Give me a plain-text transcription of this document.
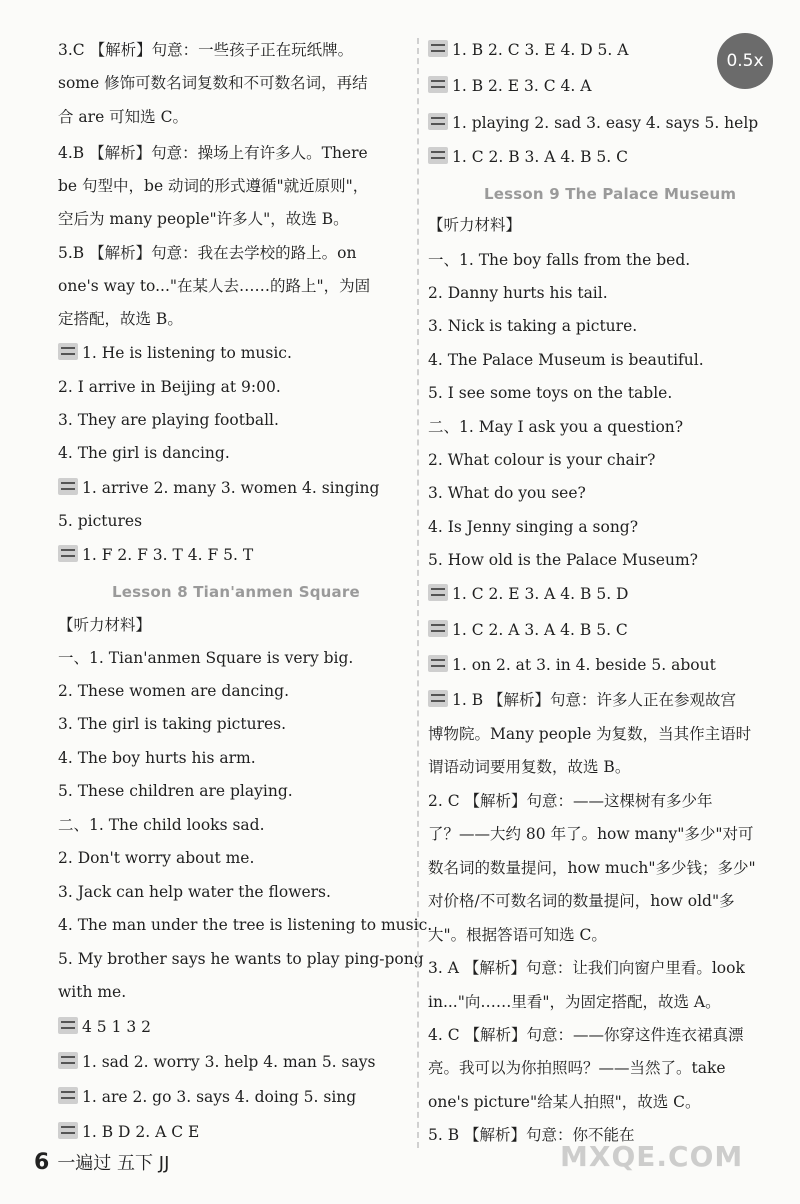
3.C 【解析】句意：一些孩子正在玩纸牌。
some 修饰可数名词复数和不可数名词，再结
合 are 可知选 C。
4.B 【解析】句意：操场上有许多人。There
be 句型中，be 动词的形式遵循"就近原则"，
空后为 many people"许多人"，故选 B。
5.B 【解析】句意：我在去学校的路上。on
one's way to..."在某人去……的路上"，为固
定搭配，故选 B。
1. He is listening to music.
2. I arrive in Beijing at 9:00.
3. They are playing football.
4. The girl is dancing.
1. arrive 2. many 3. women 4. singing
5. pictures
1. F 2. F 3. T 4. F 5. T
【听力材料】
一、1. Tian'anmen Square is very big.
2. These women are dancing.
3. The girl is taking pictures.
4. The boy hurts his arm.
5. These children are playing.
二、1. The child looks sad.
2. Don't worry about me.
3. Jack can help water the flowers.
4. The man under the tree is listening to music.
5. My brother says he wants to play ping-pong
with me.
4 5 1 3 2
1. sad 2. worry 3. help 4. man 5. says
1. are 2. go 3. says 4. doing 5. sing
1. B D 2. A C E
1. B 2. C 3. E 4. D 5. A
1. B 2. E 3. C 4. A
1. playing 2. sad 3. easy 4. says 5. help
1. C 2. B 3. A 4. B 5. C
【听力材料】
一、1. The boy falls from the bed.
2. Danny hurts his tail.
3. Nick is taking a picture.
4. The Palace Museum is beautiful.
5. I see some toys on the table.
二、1. May I ask you a question?
2. What colour is your chair?
3. What do you see?
4. Is Jenny singing a song?
5. How old is the Palace Museum?
1. C 2. E 3. A 4. B 5. D
1. C 2. A 3. A 4. B 5. C
1. on 2. at 3. in 4. beside 5. about
1. B 【解析】句意：许多人正在参观故宫
博物院。Many people 为复数，当其作主语时
谓语动词要用复数，故选 B。
2. C 【解析】句意：——这棵树有多少年
了？——大约 80 年了。how many"多少"对可
数名词的数量提问，how much"多少钱；多少"
对价格/不可数名词的数量提问，how old"多
大"。根据答语可知选 C。
3. A 【解析】句意：让我们向窗户里看。look
in..."向……里看"，为固定搭配，故选 A。
4. C 【解析】句意：——你穿这件连衣裙真漂
亮。我可以为你拍照吗？——当然了。take
one's picture"给某人拍照"，故选 C。
5. B 【解析】句意：你不能在
Lesson 8 Tian'anmen Square
Lesson 9 The Palace Museum
0.5x
6 一遍过 五下 JJ	MXQE.COM
